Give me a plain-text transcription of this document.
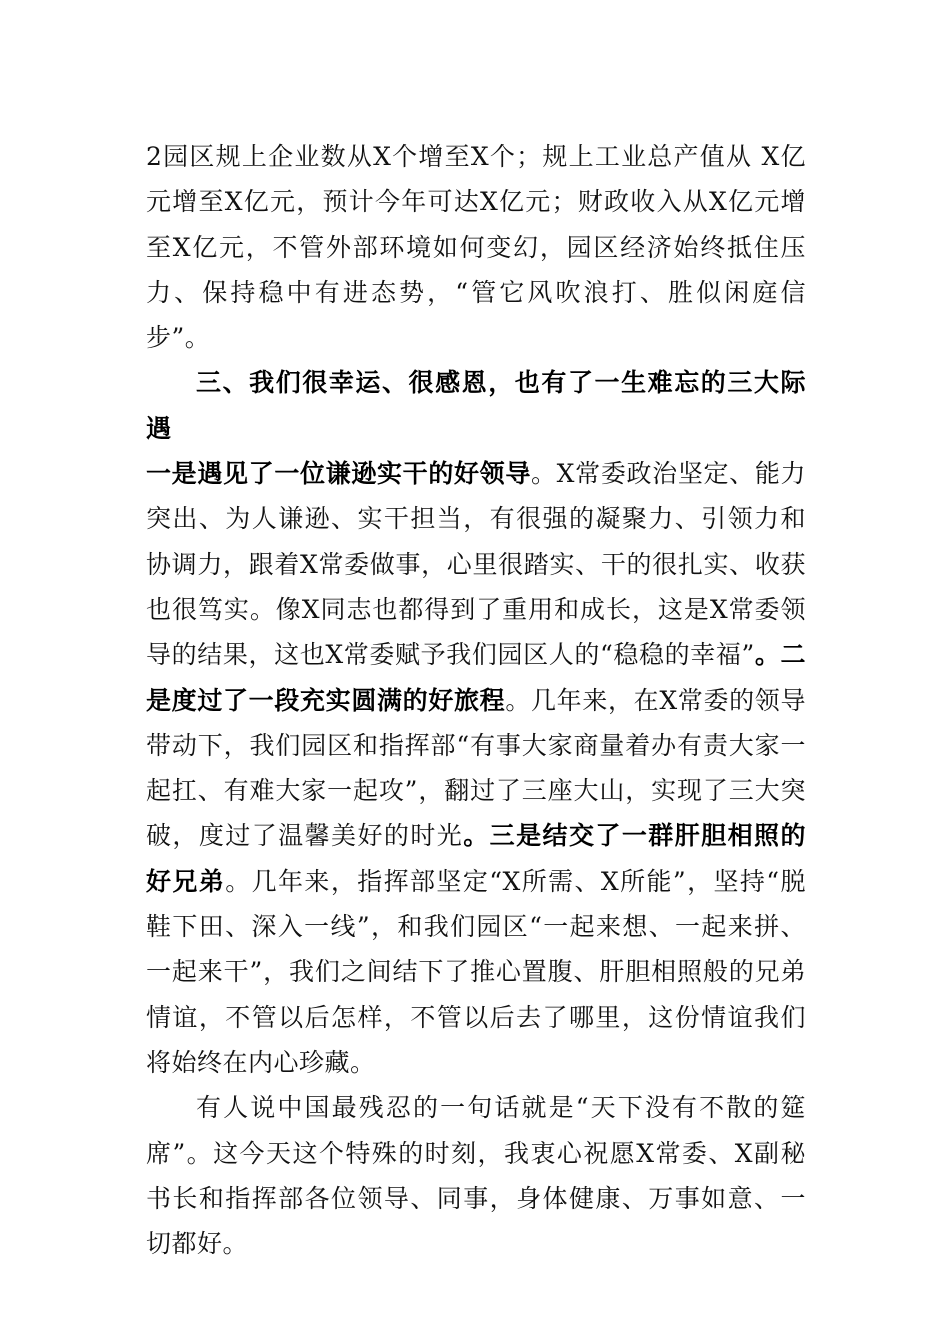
2园区规上企业数从X个增至X个；规上工业总产值从 X亿元增至X亿元，预计今年可达X亿元；财政收入从X亿元增至X亿元，不管外部环境如何变幻，园区经济始终抵住压力、保持稳中有进态势，“管它风吹浪打、胜似闲庭信步”。

三、我们很幸运、很感恩，也有了一生难忘的三大际遇

一是遇见了一位谦逊实干的好领导。X常委政治坚定、能力突出、为人谦逊、实干担当，有很强的凝聚力、引领力和协调力，跟着X常委做事，心里很踏实、干的很扎实、收获也很笃实。像X同志也都得到了重用和成长，这是X常委领导的结果，这也X常委赋予我们园区人的“稳稳的幸福”。二是度过了一段充实圆满的好旅程。几年来，在X常委的领导带动下，我们园区和指挥部“有事大家商量着办有责大家一起扛、有难大家一起攻”，翻过了三座大山，实现了三大突破，度过了温馨美好的时光。三是结交了一群肝胆相照的好兄弟。几年来，指挥部坚定“X所需、X所能”，坚持“脱鞋下田、深入一线”，和我们园区“一起来想、一起来拼、一起来干”，我们之间结下了推心置腹、肝胆相照般的兄弟情谊，不管以后怎样，不管以后去了哪里，这份情谊我们将始终在内心珍藏。

有人说中国最残忍的一句话就是“天下没有不散的筵席”。这今天这个特殊的时刻，我衷心祝愿X常委、X副秘书长和指挥部各位领导、同事，身体健康、万事如意、一切都好。
